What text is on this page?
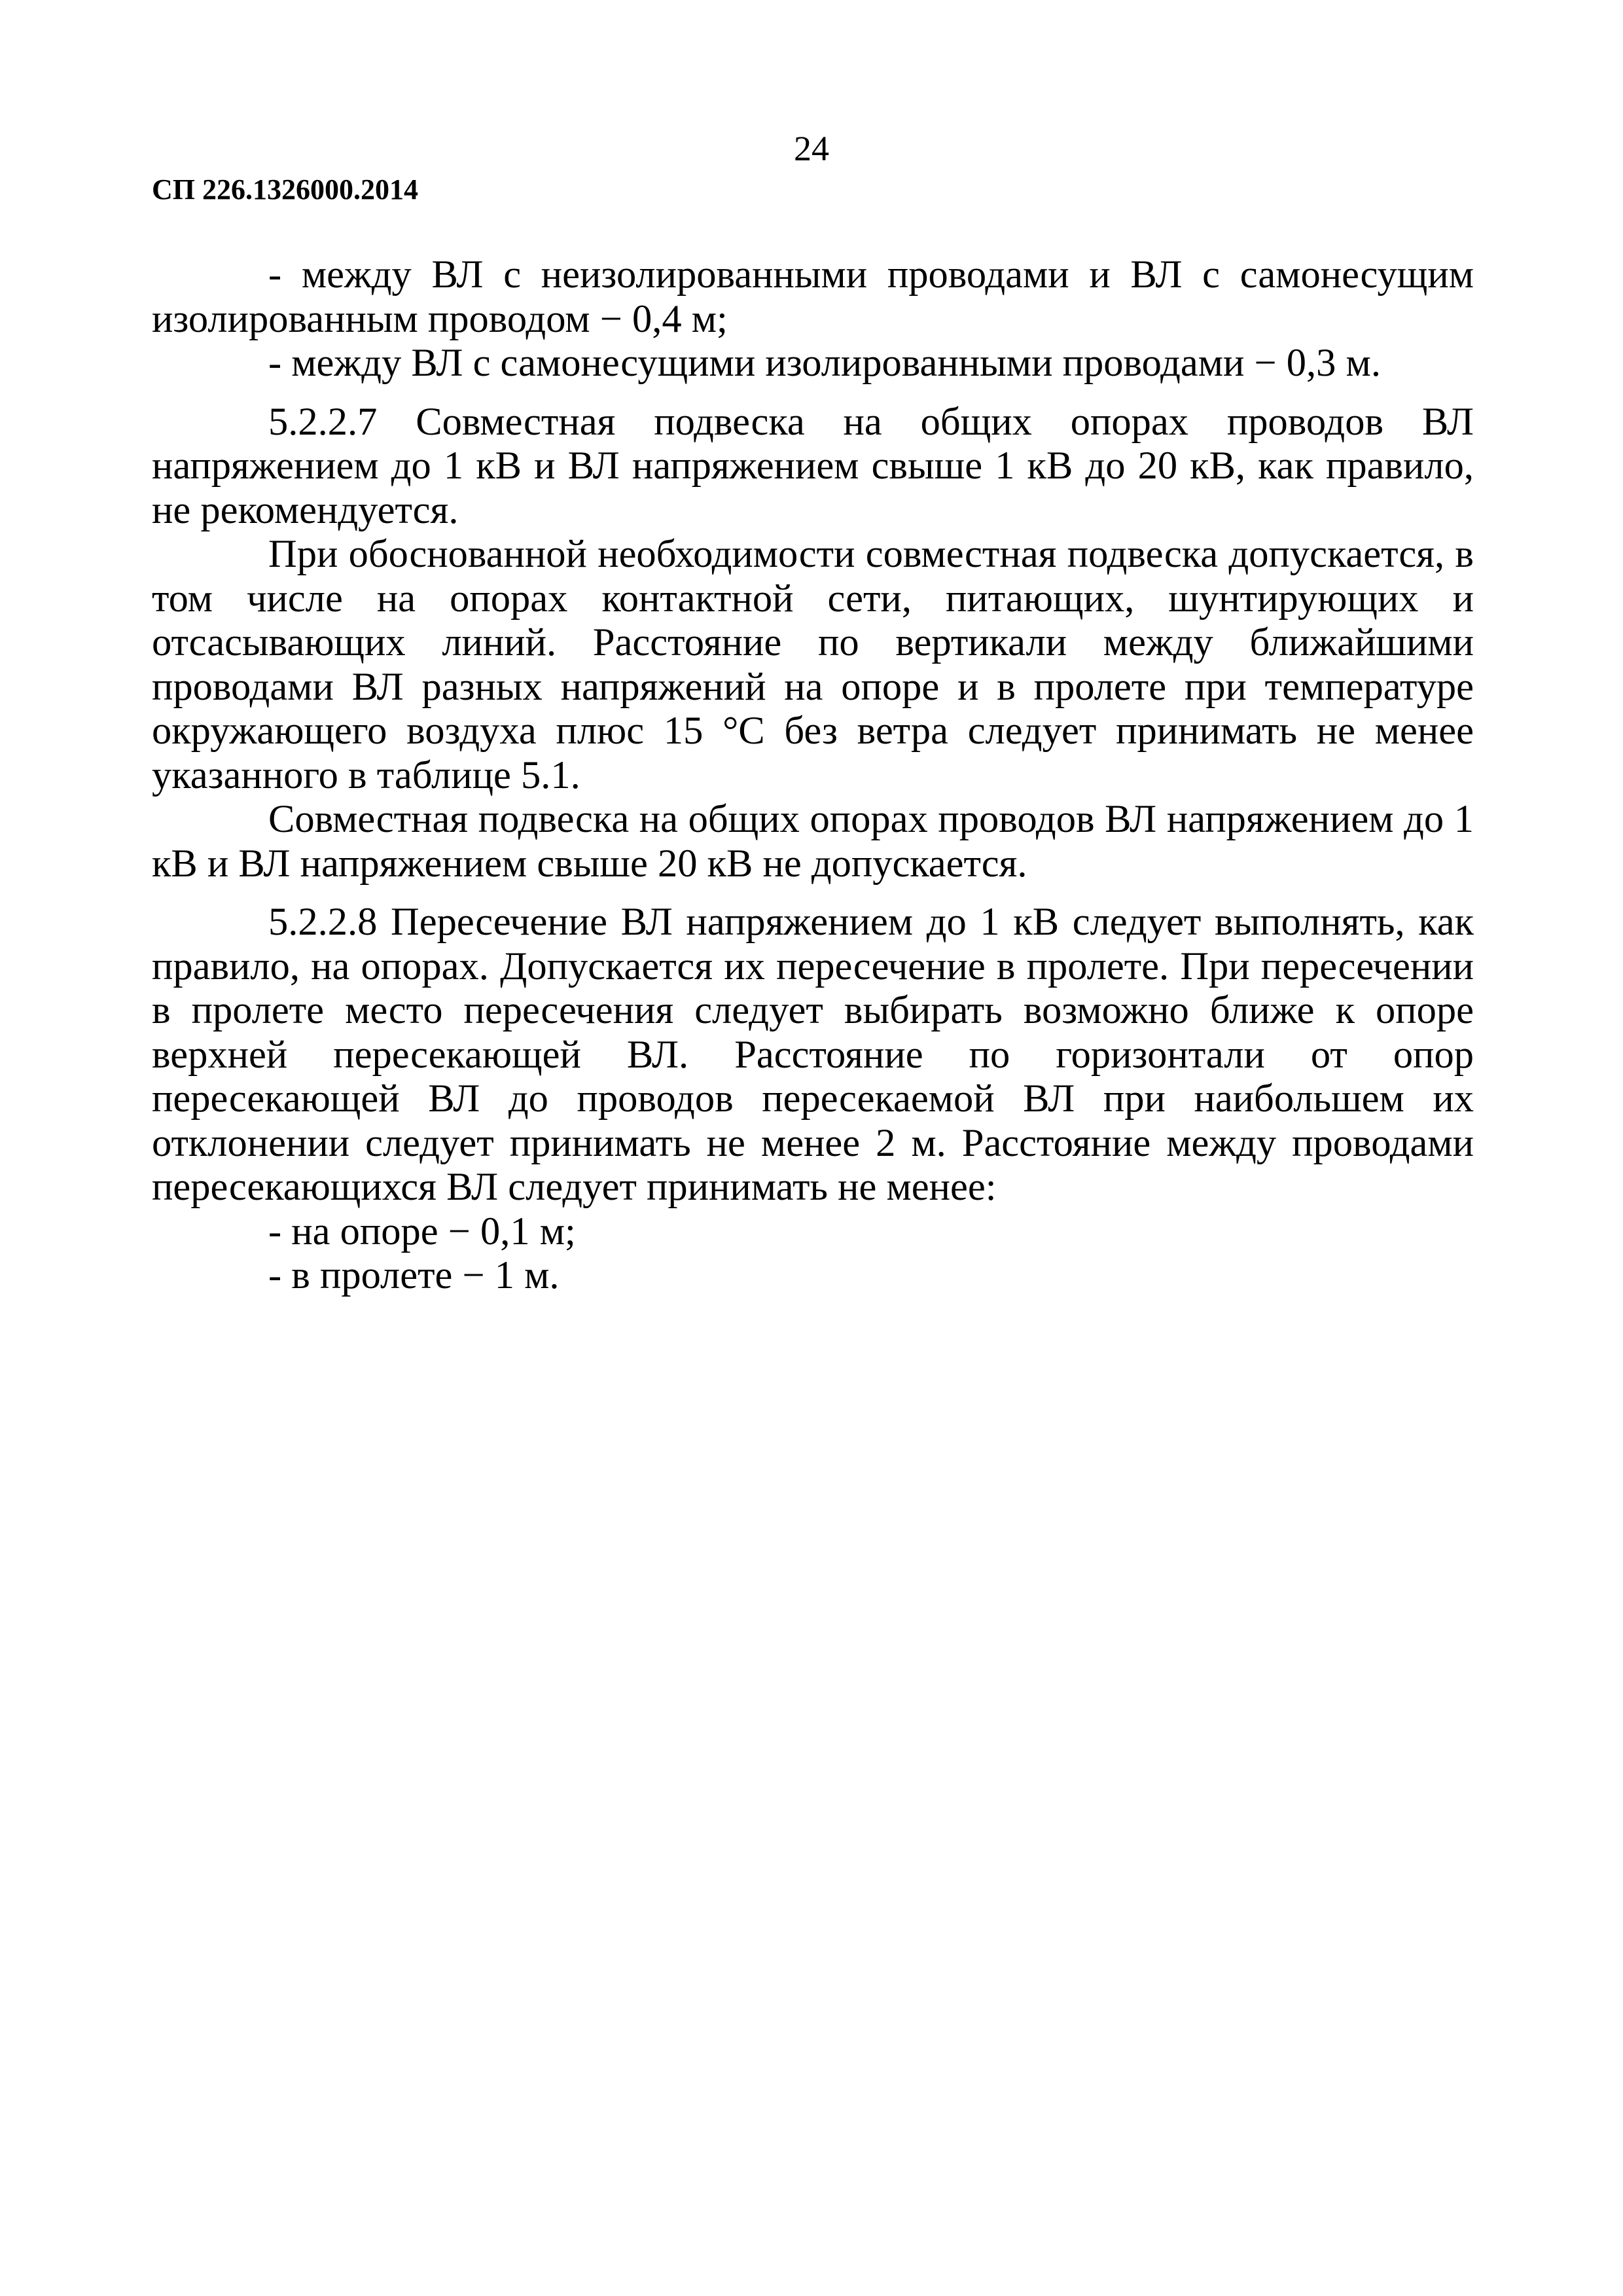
24
СП 226.1326000.2014

- между ВЛ с неизолированными проводами и ВЛ с самонесущим изолированным проводом − 0,4 м;

- между ВЛ с самонесущими изолированными проводами − 0,3 м.

5.2.2.7 Совместная подвеска на общих опорах проводов ВЛ напряжением до 1 кВ и ВЛ напряжением свыше 1 кВ до 20 кВ, как правило, не рекомендуется.

При обоснованной необходимости совместная подвеска допускается, в том числе на опорах контактной сети, питающих, шунтирующих и отсасывающих линий. Расстояние по вертикали между ближайшими проводами ВЛ разных напряжений на опоре и в пролете при температуре окружающего воздуха плюс 15 °С без ветра следует принимать не менее указанного в таблице 5.1.

Совместная подвеска на общих опорах проводов ВЛ напряжением до 1 кВ и ВЛ напряжением свыше 20 кВ не допускается.

5.2.2.8 Пересечение ВЛ напряжением до 1 кВ следует выполнять, как правило, на опорах. Допускается их пересечение в пролете. При пересечении в пролете место пересечения следует выбирать возможно ближе к опоре верхней пересекающей ВЛ. Расстояние по горизонтали от опор пересекающей ВЛ до проводов пересекаемой ВЛ при наибольшем их отклонении следует принимать не менее 2 м. Расстояние между проводами пересекающихся ВЛ следует принимать не менее:

- на опоре − 0,1 м;

- в пролете − 1 м.
